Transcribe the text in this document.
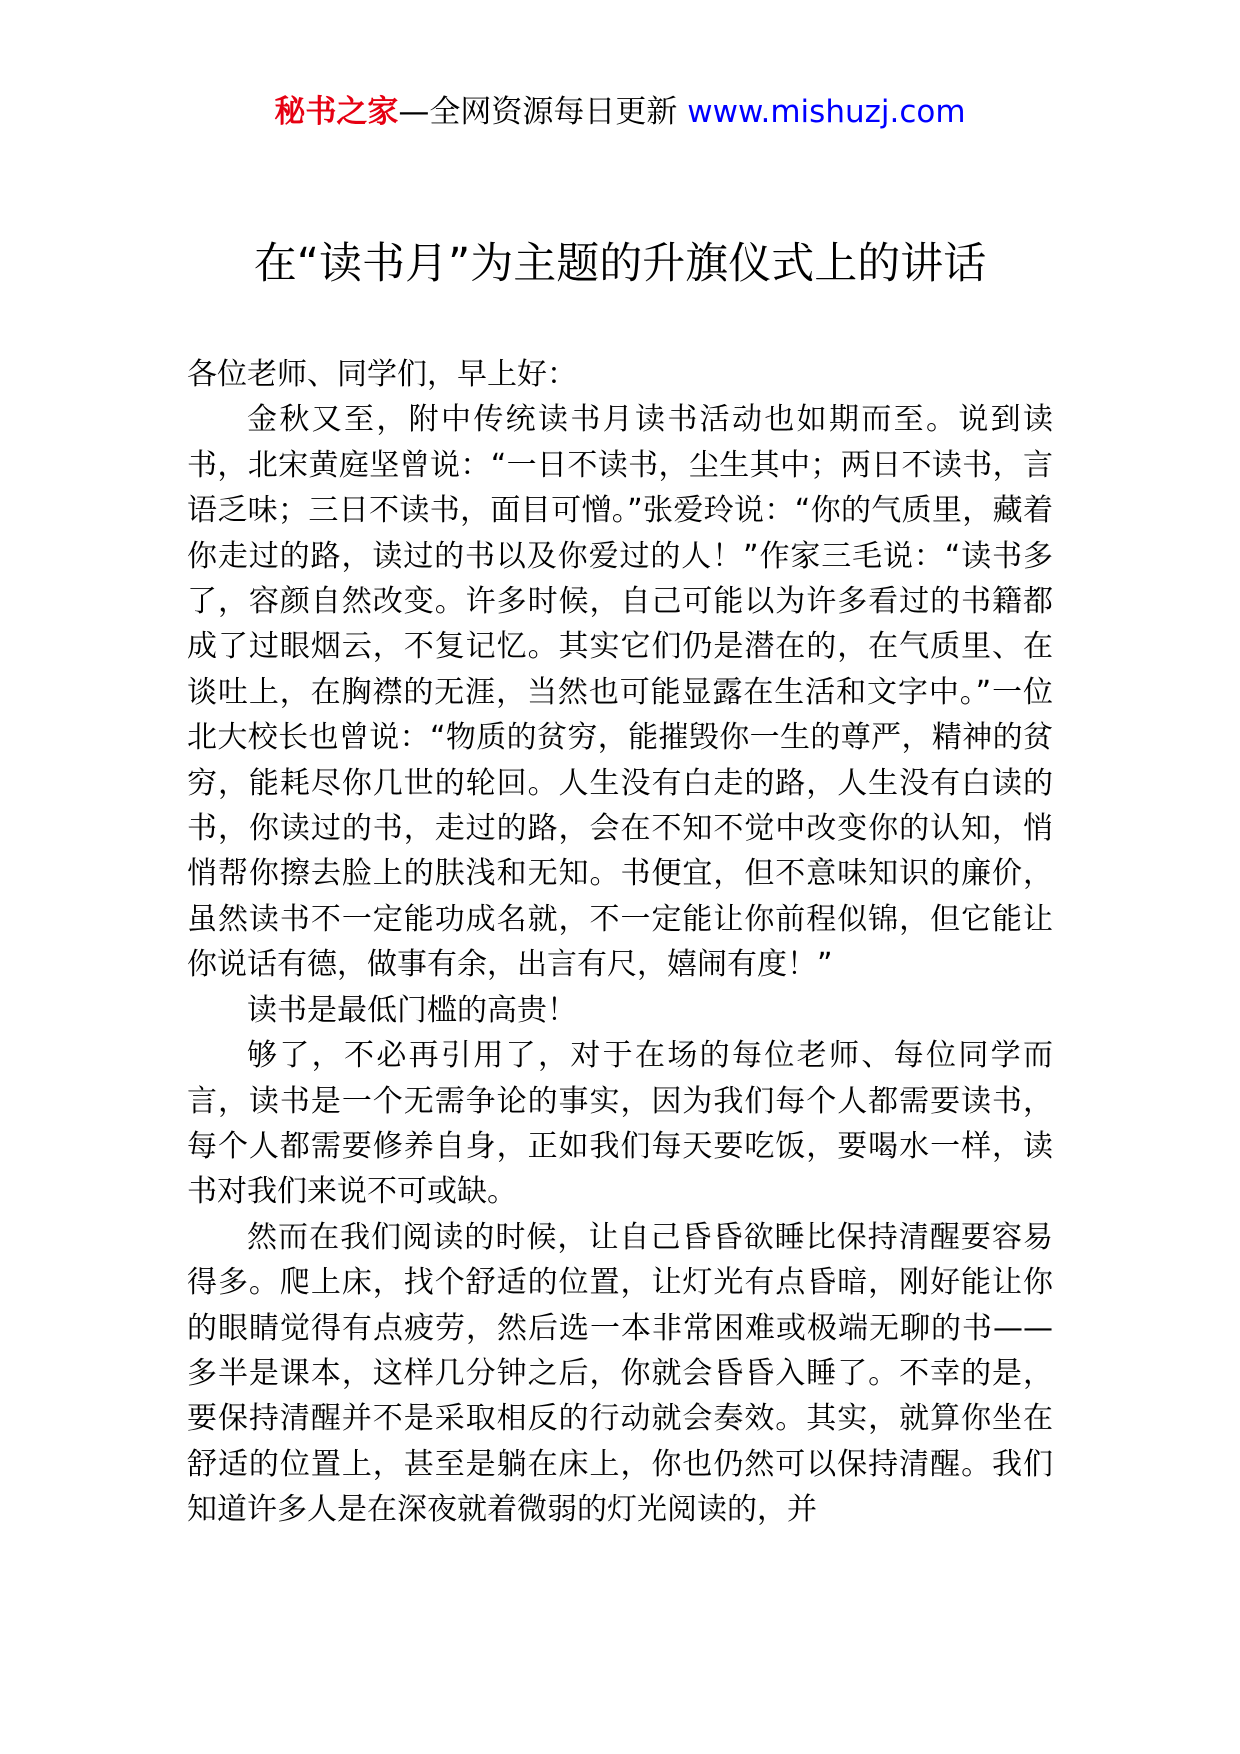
秘书之家—全网资源每日更新 www.mishuzj.com
在“读书月”为主题的升旗仪式上的讲话

各位老师、同学们，早上好：

金秋又至，附中传统读书月读书活动也如期而至。说到读书，北宋黄庭坚曾说：“一日不读书，尘生其中；两日不读书，言语乏味；三日不读书，面目可憎。”张爱玲说：“你的气质里，藏着你走过的路，读过的书以及你爱过的人！”作家三毛说：“读书多了，容颜自然改变。许多时候，自己可能以为许多看过的书籍都成了过眼烟云，不复记忆。其实它们仍是潜在的，在气质里、在谈吐上，在胸襟的无涯，当然也可能显露在生活和文字中。”一位北大校长也曾说：“物质的贫穷，能摧毁你一生的尊严，精神的贫穷，能耗尽你几世的轮回。人生没有白走的路，人生没有白读的书，你读过的书，走过的路，会在不知不觉中改变你的认知，悄悄帮你擦去脸上的肤浅和无知。书便宜，但不意味知识的廉价，虽然读书不一定能功成名就，不一定能让你前程似锦，但它能让你说话有德，做事有余，出言有尺，嬉闹有度！”

读书是最低门槛的高贵！

够了，不必再引用了，对于在场的每位老师、每位同学而言，读书是一个无需争论的事实，因为我们每个人都需要读书，每个人都需要修养自身，正如我们每天要吃饭，要喝水一样，读书对我们来说不可或缺。

然而在我们阅读的时候，让自己昏昏欲睡比保持清醒要容易得多。爬上床，找个舒适的位置，让灯光有点昏暗，刚好能让你的眼睛觉得有点疲劳，然后选一本非常困难或极端无聊的书——多半是课本，这样几分钟之后，你就会昏昏入睡了。不幸的是，要保持清醒并不是采取相反的行动就会奏效。其实，就算你坐在舒适的位置上，甚至是躺在床上，你也仍然可以保持清醒。我们知道许多人是在深夜就着微弱的灯光阅读的，并
